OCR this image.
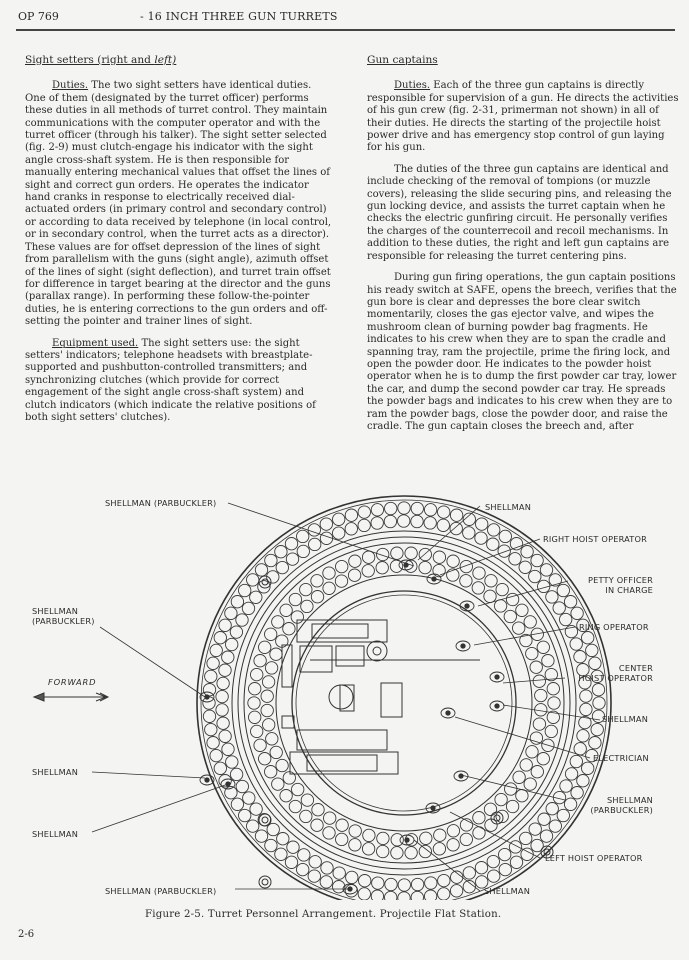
OP 769	- 16 INCH THREE GUN TURRETS
Sight setters (right and left)

Duties. The two sight setters have identical duties. One of them (designated by the turret officer) performs these duties in all methods of turret control. They maintain communications with the computer operator and with the turret officer (through his talker). The sight setter selected (fig. 2-9) must clutch-engage his indicator with the sight angle cross-shaft system. He is then responsible for manually entering mechanical values that offset the lines of sight and correct gun orders. He operates the indicator hand cranks in response to electrically received dial-actuated orders (in primary control and secondary control) or according to data received by telephone (in local control, or in secondary control, when the turret acts as a director). These values are for offset depression of the lines of sight from parallelism with the guns (sight angle), azimuth offset of the lines of sight (sight deflection), and turret train offset for difference in target bearing at the director and the guns (parallax range). In performing these follow-the-pointer duties, he is entering corrections to the gun orders and off-setting the pointer and trainer lines of sight.

Equipment used. The sight setters use: the sight setters' indicators; telephone headsets with breastplate-supported and pushbutton-controlled transmitters; and synchronizing clutches (which provide for correct engagement of the sight angle cross-shaft system) and clutch indicators (which indicate the relative positions of both sight setters' clutches).

Gun captains

Duties. Each of the three gun captains is directly responsible for supervision of a gun. He directs the activities of his gun crew (fig. 2-31, primerman not shown) in all of their duties. He directs the starting of the projectile hoist power drive and has emergency stop control of gun laying for his gun.

The duties of the three gun captains are identical and include checking of the removal of tompions (or muzzle covers), releasing the slide securing pins, and releasing the gun locking device, and assists the turret captain when he checks the electric gunfiring circuit. He personally verifies the charges of the counterrecoil and recoil mechanisms. In addition to these duties, the right and left gun captains are responsible for releasing the turret centering pins.

During gun firing operations, the gun captain positions his ready switch at SAFE, opens the breech, verifies that the gun bore is clear and depresses the bore clear switch momentarily, closes the gas ejector valve, and wipes the mushroom clean of burning powder bag fragments. He indicates to his crew when they are to span the cradle and spanning tray, ram the projectile, prime the firing lock, and open the powder door. He indicates to the powder hoist operator when he is to dump the first powder car tray, lower the car, and dump the second powder car tray. He spreads the powder bags and indicates to his crew when they are to ram the powder bags, close the powder door, and raise the cradle. The gun captain closes the breech and, after

FORWARD
SHELLMAN (PARBUCKLER)
SHELLMAN
(PARBUCKLER)
SHELLMAN
SHELLMAN
SHELLMAN (PARBUCKLER)
SHELLMAN
RIGHT HOIST OPERATOR
PETTY OFFICER
IN CHARGE
RING OPERATOR
CENTER
HOIST OPERATOR
SHELLMAN
ELECTRICIAN
SHELLMAN
(PARBUCKLER)
LEFT HOIST OPERATOR
SHELLMAN
Figure 2-5. Turret Personnel Arrangement. Projectile Flat Station.
2-6
